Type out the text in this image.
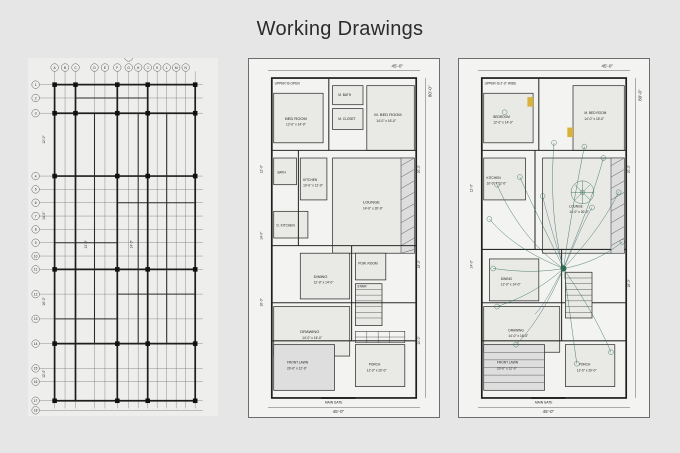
Working Drawings
A	B	C	D	E	F	G	H	J	K	L	M	N
1
2
3
4
5
6
7
8
9
10
11
12
13
14
15
16
17
18
12'-0"
14'-0"
16'-0"
12'-0"
10'-0"	14'-0"
45'-0"
80'-0"
45'-0"
12'-0"
14'-0"
16'-0"
20'-0"
18'-0"
12'-0"
UPPER IS OPEN
BED ROOM
12'-0" x 14'-0"
M. BATH
M. BED ROOM
14'-0" x 16'-0"
M. CLOSET
BATH
LOUNGE
14'-0" x 20'-0"
KITCHEN
10'-0" x 12'-0"
D. KITCHEN
DINING
12'-0" x 14'-0"
POW. ROOM
DRAWING
14'-0" x 16'-0"
PORCH
12'-0" x 20'-0"
FRONT LAWN
20'-0" x 12'-0"
STAIR
MAIN GATE
45'-0"
80'-0"
45'-0"
12'-0"
14'-0"
20'-0"
18'-0"
UPPER IS 2'-0" WIDE
BEDROOM
12'-0" x 14'-0"
M. BED ROOM
14'-0" x 16'-0"
LOUNGE
14'-0" x 20'-0"
KITCHEN
10'-0" x 12'-0"
DINING
12'-0" x 14'-0"
DRAWING
14'-0" x 16'-0"
PORCH
12'-0" x 20'-0"
FRONT LAWN
20'-0" x 12'-0"
MAIN GATE
